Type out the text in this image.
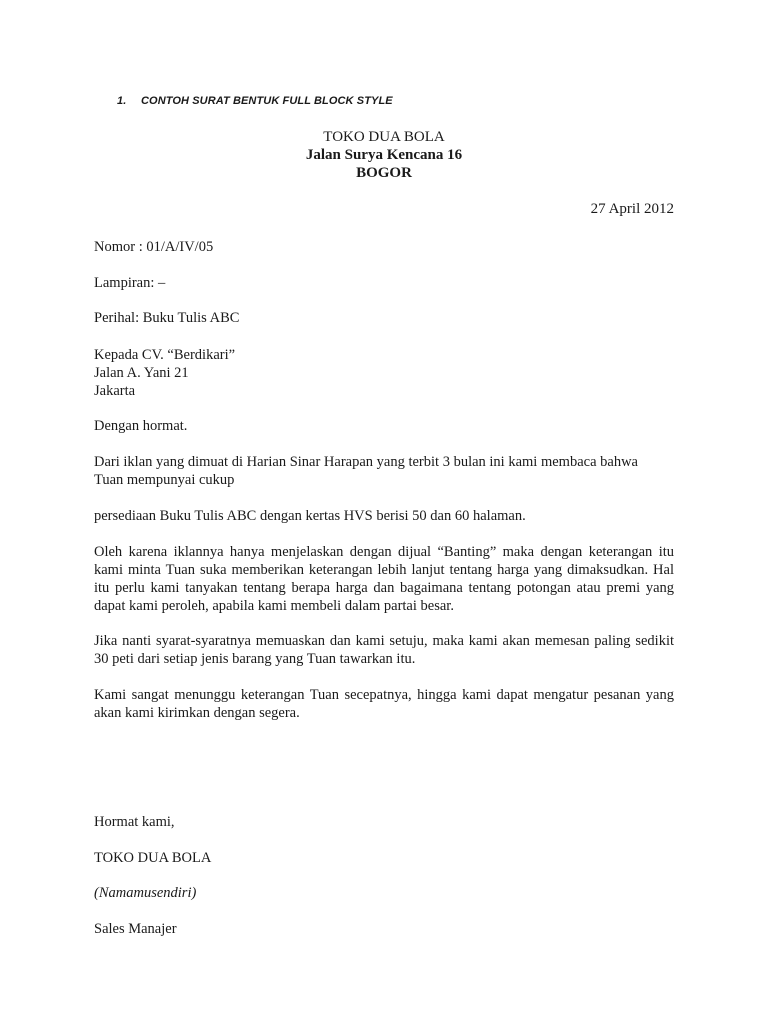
1. CONTOH SURAT BENTUK FULL BLOCK STYLE
TOKO DUA BOLA
Jalan Surya Kencana 16
BOGOR
27 April 2012
Nomor : 01/A/IV/05
Lampiran: –
Perihal: Buku Tulis ABC
Kepada CV. “Berdikari”
Jalan A. Yani 21
Jakarta
Dengan hormat.
Dari iklan yang dimuat di Harian Sinar Harapan yang terbit 3 bulan ini kami membaca bahwa
Tuan mempunyai cukup
persediaan Buku Tulis ABC dengan kertas HVS berisi 50 dan 60 halaman.
Oleh karena iklannya hanya menjelaskan dengan dijual “Banting” maka dengan keterangan itu kami minta Tuan suka memberikan keterangan lebih lanjut tentang harga yang dimaksudkan. Hal itu perlu kami tanyakan tentang berapa harga dan bagaimana tentang potongan atau premi yang dapat kami peroleh, apabila kami membeli dalam partai besar.
Jika nanti syarat-syaratnya memuaskan dan kami setuju, maka kami akan memesan paling sedikit 30 peti dari setiap jenis barang yang Tuan tawarkan itu.
Kami sangat menunggu keterangan Tuan secepatnya, hingga kami dapat mengatur pesanan yang akan kami kirimkan dengan segera.
Hormat kami,
TOKO DUA BOLA
(Namamusendiri)
Sales Manajer
